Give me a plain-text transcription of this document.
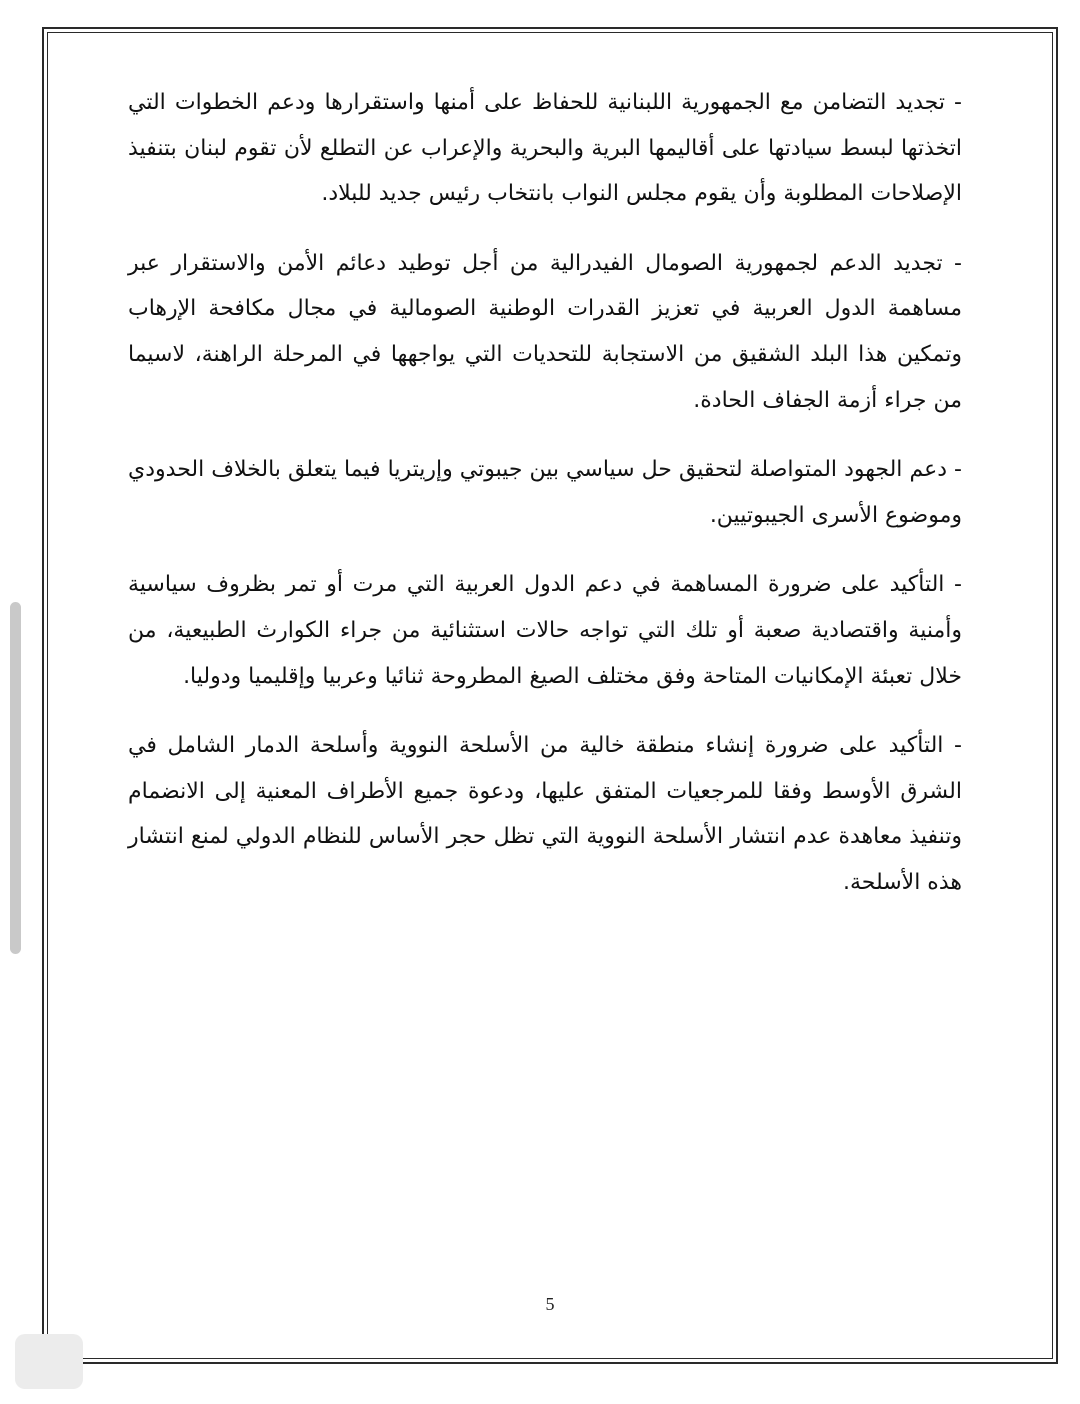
- تجديد التضامن مع الجمهورية اللبنانية للحفاظ على أمنها واستقرارها ودعم الخطوات التي اتخذتها لبسط سيادتها على أقاليمها البرية والبحرية والإعراب عن التطلع لأن تقوم لبنان بتنفيذ الإصلاحات المطلوبة وأن يقوم مجلس النواب بانتخاب رئيس جديد للبلاد.

- تجديد الدعم لجمهورية الصومال الفيدرالية من أجل توطيد دعائم الأمن والاستقرار عبر مساهمة الدول العربية في تعزيز القدرات الوطنية الصومالية في مجال مكافحة الإرهاب وتمكين هذا البلد الشقيق من الاستجابة للتحديات التي يواجهها في المرحلة الراهنة، لاسيما من جراء أزمة الجفاف الحادة.

- دعم الجهود المتواصلة لتحقيق حل سياسي بين جيبوتي وإريتريا فيما يتعلق بالخلاف الحدودي وموضوع الأسرى الجيبوتيين.

- التأكيد على ضرورة المساهمة في دعم الدول العربية التي مرت أو تمر بظروف سياسية وأمنية واقتصادية صعبة أو تلك التي تواجه حالات استثنائية من جراء الكوارث الطبيعية، من خلال تعبئة الإمكانيات المتاحة وفق مختلف الصيغ المطروحة ثنائيا وعربيا وإقليميا ودوليا.

- التأكيد على ضرورة إنشاء منطقة خالية من الأسلحة النووية وأسلحة الدمار الشامل في الشرق الأوسط وفقا للمرجعيات المتفق عليها، ودعوة جميع الأطراف المعنية إلى الانضمام وتنفيذ معاهدة عدم انتشار الأسلحة النووية التي تظل حجر الأساس للنظام الدولي لمنع انتشار هذه الأسلحة.

5
